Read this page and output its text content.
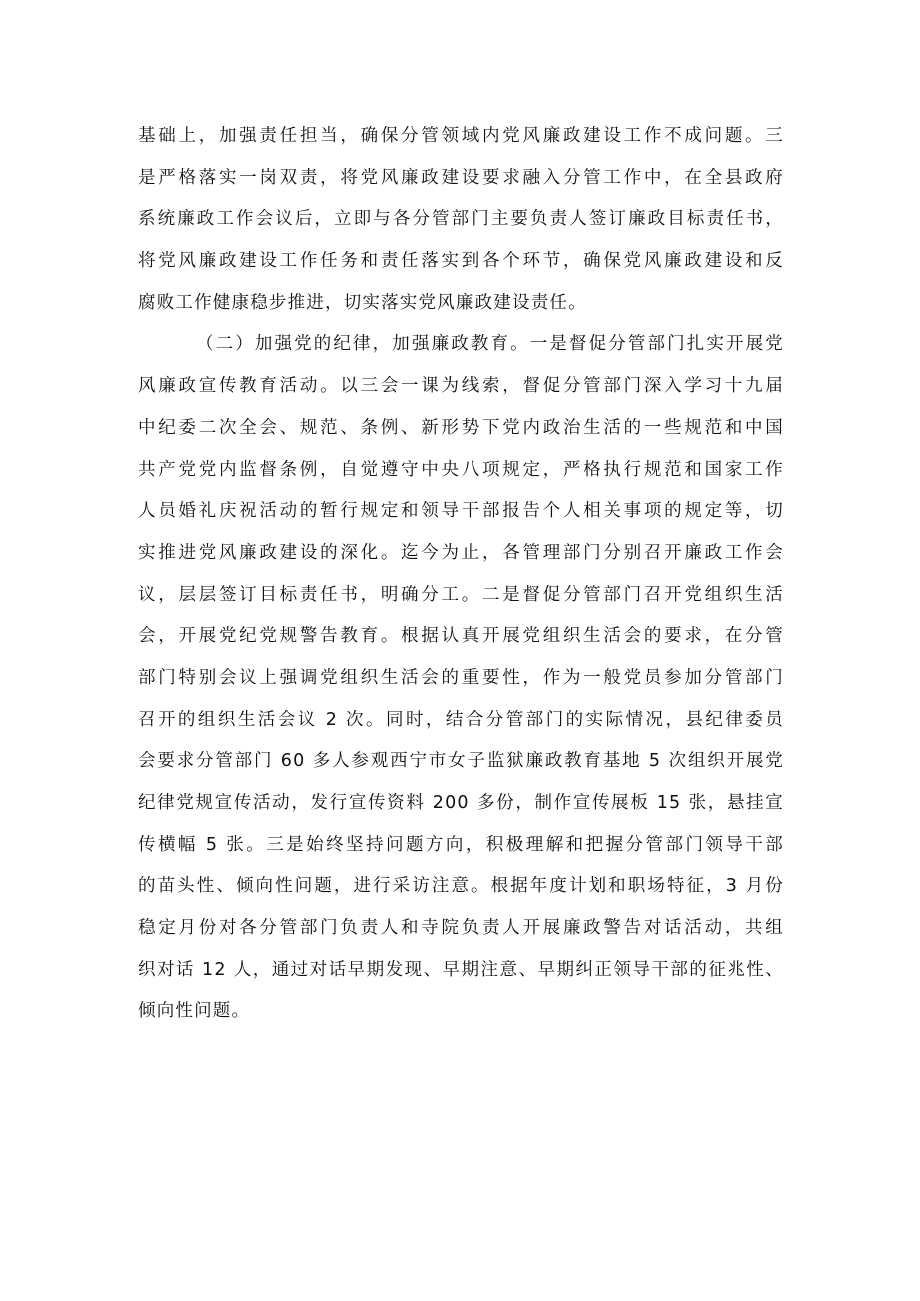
基础上，加强责任担当，确保分管领域内党风廉政建设工作不成问题。三
是严格落实一岗双责，将党风廉政建设要求融入分管工作中，在全县政府
系统廉政工作会议后，立即与各分管部门主要负责人签订廉政目标责任书，
将党风廉政建设工作任务和责任落实到各个环节，确保党风廉政建设和反
腐败工作健康稳步推进，切实落实党风廉政建设责任。
（二）加强党的纪律，加强廉政教育。一是督促分管部门扎实开展党
风廉政宣传教育活动。以三会一课为线索，督促分管部门深入学习十九届
中纪委二次全会、规范、条例、新形势下党内政治生活的一些规范和中国
共产党党内监督条例，自觉遵守中央八项规定，严格执行规范和国家工作
人员婚礼庆祝活动的暂行规定和领导干部报告个人相关事项的规定等，切
实推进党风廉政建设的深化。迄今为止，各管理部门分别召开廉政工作会
议，层层签订目标责任书，明确分工。二是督促分管部门召开党组织生活
会，开展党纪党规警告教育。根据认真开展党组织生活会的要求，在分管
部门特别会议上强调党组织生活会的重要性，作为一般党员参加分管部门
召开的组织生活会议 2 次。同时，结合分管部门的实际情况，县纪律委员
会要求分管部门 60 多人参观西宁市女子监狱廉政教育基地 5 次组织开展党
纪律党规宣传活动，发行宣传资料 200 多份，制作宣传展板 15 张，悬挂宣
传横幅 5 张。三是始终坚持问题方向，积极理解和把握分管部门领导干部
的苗头性、倾向性问题，进行采访注意。根据年度计划和职场特征，3 月份
稳定月份对各分管部门负责人和寺院负责人开展廉政警告对话活动，共组
织对话 12 人，通过对话早期发现、早期注意、早期纠正领导干部的征兆性、
倾向性问题。
